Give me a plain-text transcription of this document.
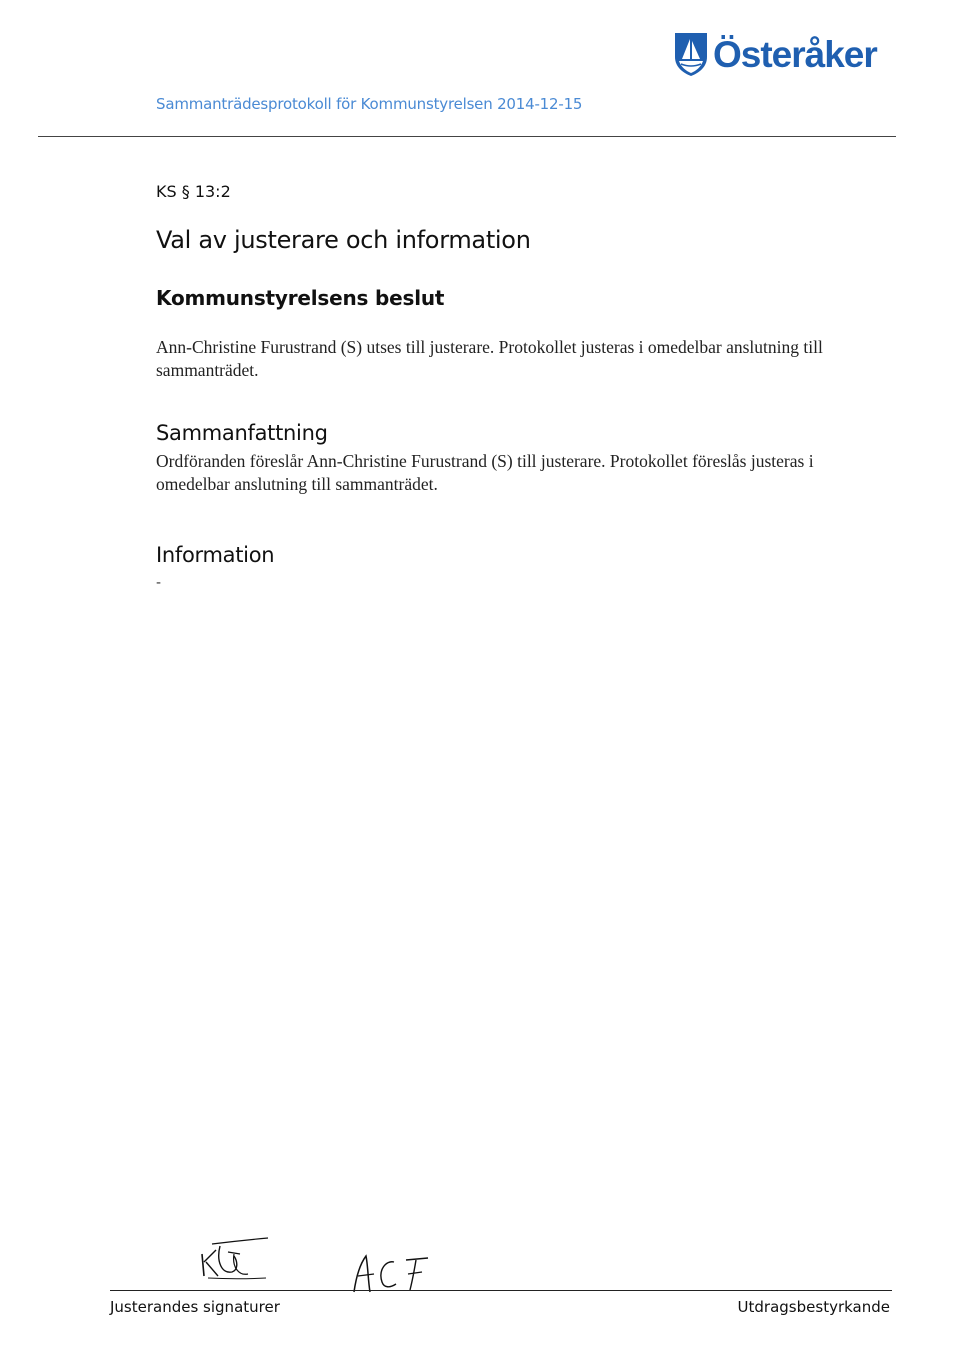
Österåker
Sammanträdesprotokoll för Kommunstyrelsen 2014-12-15
KS § 13:2
Val av justerare och information
Kommunstyrelsens beslut
Ann-Christine Furustrand (S) utses till justerare. Protokollet justeras i omedelbar anslutning till sammanträdet.
Sammanfattning
Ordföranden föreslår Ann-Christine Furustrand (S) till justerare. Protokollet föreslås justeras i omedelbar anslutning till sammanträdet.
Information
-
Justerandes signaturer	Utdragsbestyrkande
